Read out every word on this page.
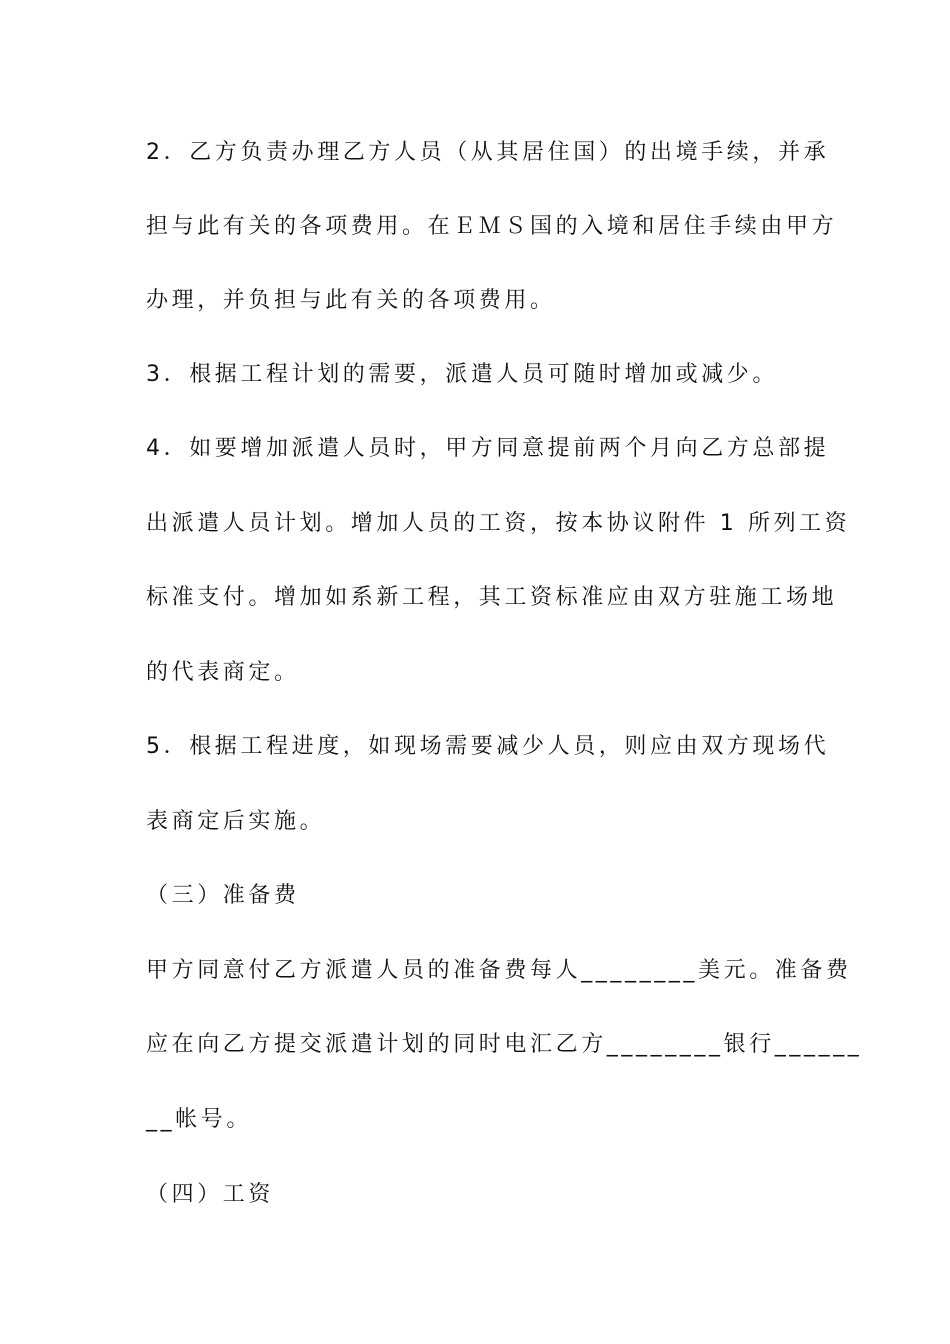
2．乙方负责办理乙方人员（从其居住国）的出境手续，并承
担与此有关的各项费用。在ＥＭＳ国的入境和居住手续由甲方
办理，并负担与此有关的各项费用。
3．根据工程计划的需要，派遣人员可随时增加或减少。
4．如要增加派遣人员时，甲方同意提前两个月向乙方总部提
出派遣人员计划。增加人员的工资，按本协议附件 1 所列工资
标准支付。增加如系新工程，其工资标准应由双方驻施工场地
的代表商定。
5．根据工程进度，如现场需要减少人员，则应由双方现场代
表商定后实施。
（三）准备费
甲方同意付乙方派遣人员的准备费每人________美元。准备费
应在向乙方提交派遣计划的同时电汇乙方________银行______
__帐号。
（四）工资
